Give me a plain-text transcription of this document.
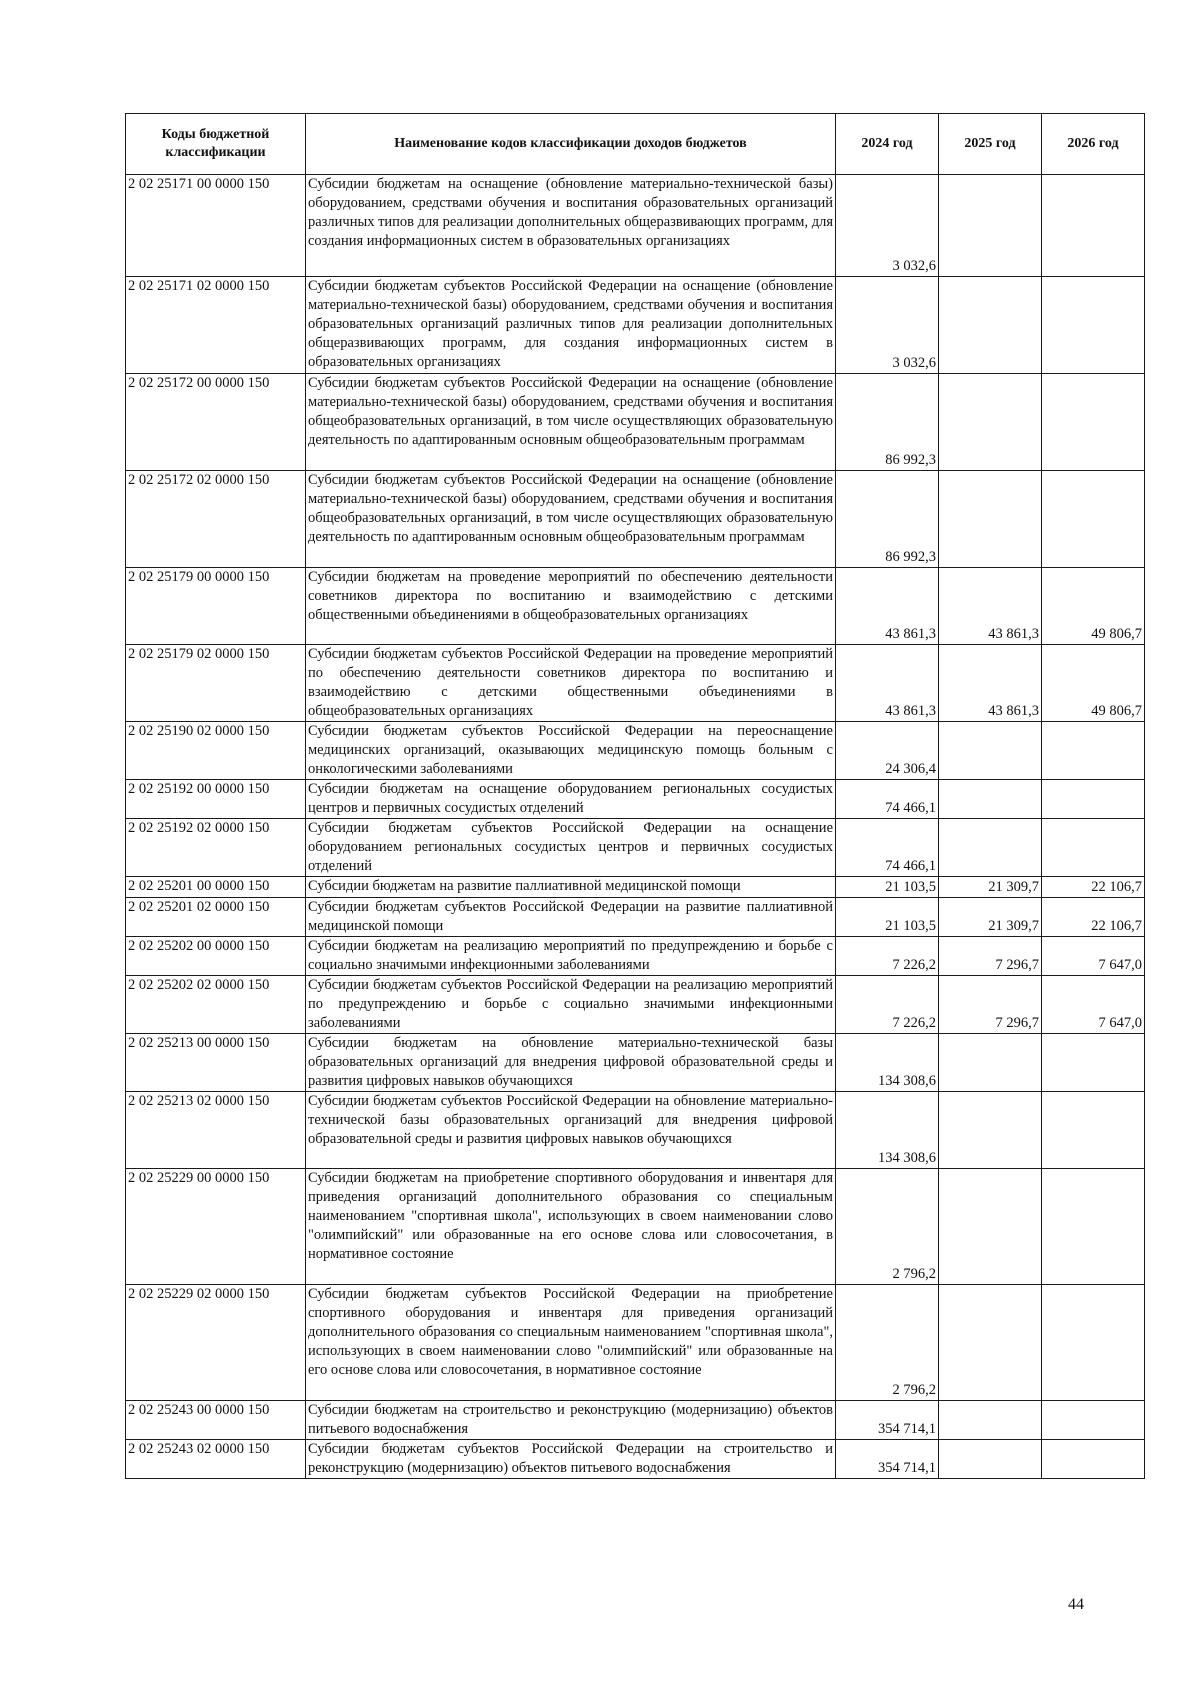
Коды бюджетной классификации	Наименование кодов классификации доходов бюджетов	2024 год	2025 год	2026 год
2 02 25171 00 0000 150	Субсидии бюджетам на оснащение (обновление материально-технической базы) оборудованием, средствами обучения и воспитания образовательных организаций различных типов для реализации дополнительных общеразвивающих программ, для создания информационных систем в образовательных организациях	3 032,6		
2 02 25171 02 0000 150	Субсидии бюджетам субъектов Российской Федерации на оснащение (обновление материально-технической базы) оборудованием, средствами обучения и воспитания образовательных организаций различных типов для реализации дополнительных общеразвивающих программ, для создания информационных систем в образовательных организациях	3 032,6		
2 02 25172 00 0000 150	Субсидии бюджетам субъектов Российской Федерации на оснащение (обновление материально-технической базы) оборудованием, средствами обучения и воспитания общеобразовательных организаций, в том числе осуществляющих образовательную деятельность по адаптированным основным общеобразовательным программам	86 992,3		
2 02 25172 02 0000 150	Субсидии бюджетам субъектов Российской Федерации на оснащение (обновление материально-технической базы) оборудованием, средствами обучения и воспитания общеобразовательных организаций, в том числе осуществляющих образовательную деятельность по адаптированным основным общеобразовательным программам	86 992,3		
2 02 25179 00 0000 150	Субсидии бюджетам на проведение мероприятий по обеспечению деятельности советников директора по воспитанию и взаимодействию с детскими общественными объединениями в общеобразовательных организациях	43 861,3	43 861,3	49 806,7
2 02 25179 02 0000 150	Субсидии бюджетам субъектов Российской Федерации на проведение мероприятий по обеспечению деятельности советников директора по воспитанию и взаимодействию с детскими общественными объединениями в общеобразовательных организациях	43 861,3	43 861,3	49 806,7
2 02 25190 02 0000 150	Субсидии бюджетам субъектов Российской Федерации на переоснащение медицинских организаций, оказывающих медицинскую помощь больным с онкологическими заболеваниями	24 306,4		
2 02 25192 00 0000 150	Субсидии бюджетам на оснащение оборудованием региональных сосудистых центров и первичных сосудистых отделений	74 466,1		
2 02 25192 02 0000 150	Субсидии бюджетам субъектов Российской Федерации на оснащение оборудованием региональных сосудистых центров и первичных сосудистых отделений	74 466,1		
2 02 25201 00 0000 150	Субсидии бюджетам на развитие паллиативной медицинской помощи	21 103,5	21 309,7	22 106,7
2 02 25201 02 0000 150	Субсидии бюджетам субъектов Российской Федерации на развитие паллиативной медицинской помощи	21 103,5	21 309,7	22 106,7
2 02 25202 00 0000 150	Субсидии бюджетам на реализацию мероприятий по предупреждению и борьбе с социально значимыми инфекционными заболеваниями	7 226,2	7 296,7	7 647,0
2 02 25202 02 0000 150	Субсидии бюджетам субъектов Российской Федерации на реализацию мероприятий по предупреждению и борьбе с социально значимыми инфекционными заболеваниями	7 226,2	7 296,7	7 647,0
2 02 25213 00 0000 150	Субсидии бюджетам на обновление материально-технической базы образовательных организаций для внедрения цифровой образовательной среды и развития цифровых навыков обучающихся	134 308,6		
2 02 25213 02 0000 150	Субсидии бюджетам субъектов Российской Федерации на обновление материально-технической базы образовательных организаций для внедрения цифровой образовательной среды и развития цифровых навыков обучающихся	134 308,6		
2 02 25229 00 0000 150	Субсидии бюджетам на приобретение спортивного оборудования и инвентаря для приведения организаций дополнительного образования со специальным наименованием "спортивная школа", использующих в своем наименовании слово "олимпийский" или образованные на его основе слова или словосочетания, в нормативное состояние	2 796,2		
2 02 25229 02 0000 150	Субсидии бюджетам субъектов Российской Федерации на приобретение спортивного оборудования и инвентаря для приведения организаций дополнительного образования со специальным наименованием "спортивная школа", использующих в своем наименовании слово "олимпийский" или образованные на его основе слова или словосочетания, в нормативное состояние	2 796,2		
2 02 25243 00 0000 150	Субсидии бюджетам на строительство и реконструкцию (модернизацию) объектов питьевого водоснабжения	354 714,1		
2 02 25243 02 0000 150	Субсидии бюджетам субъектов Российской Федерации на строительство и реконструкцию (модернизацию) объектов питьевого водоснабжения	354 714,1		
44
